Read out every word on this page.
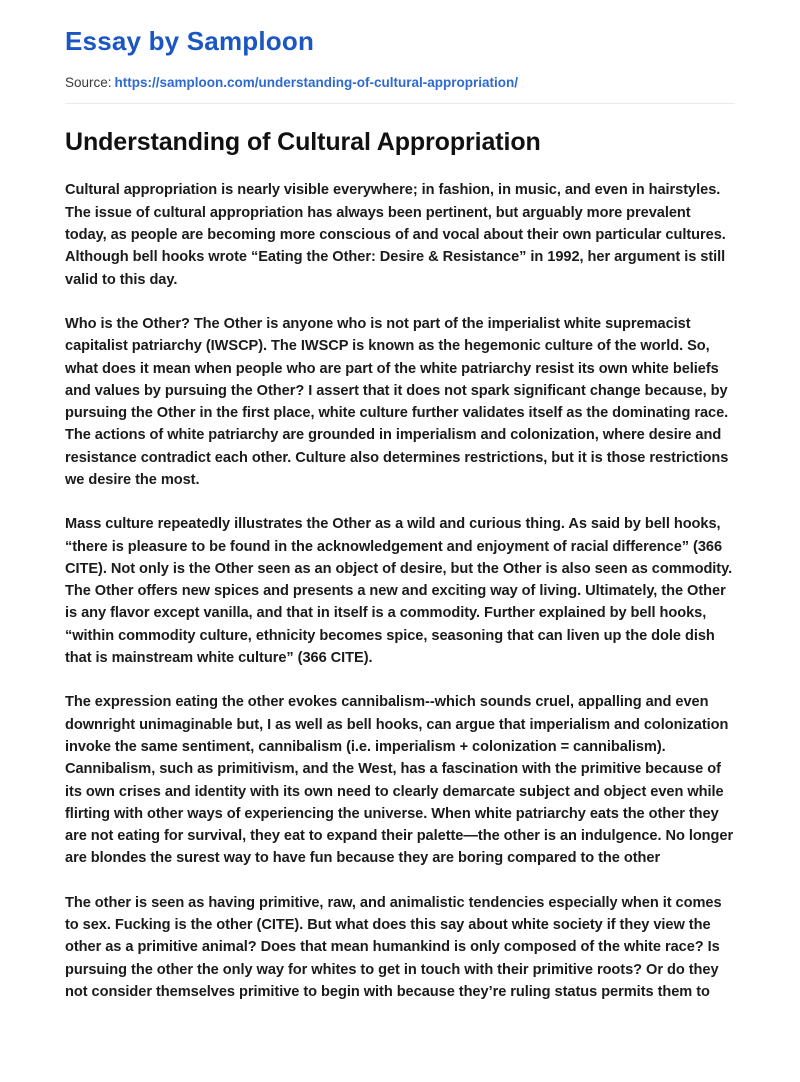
Essay by Samploon
Source: https://samploon.com/understanding-of-cultural-appropriation/
Understanding of Cultural Appropriation

Cultural appropriation is nearly visible everywhere; in fashion, in music, and even in hairstyles. The issue of cultural appropriation has always been pertinent, but arguably more prevalent today, as people are becoming more conscious of and vocal about their own particular cultures. Although bell hooks wrote “Eating the Other: Desire & Resistance” in 1992, her argument is still valid to this day.

Who is the Other? The Other is anyone who is not part of the imperialist white supremacist capitalist patriarchy (IWSCP). The IWSCP is known as the hegemonic culture of the world. So, what does it mean when people who are part of the white patriarchy resist its own white beliefs and values by pursuing the Other? I assert that it does not spark significant change because, by pursuing the Other in the first place, white culture further validates itself as the dominating race. The actions of white patriarchy are grounded in imperialism and colonization, where desire and resistance contradict each other. Culture also determines restrictions, but it is those restrictions we desire the most.

Mass culture repeatedly illustrates the Other as a wild and curious thing. As said by bell hooks, “there is pleasure to be found in the acknowledgement and enjoyment of racial difference” (366 CITE). Not only is the Other seen as an object of desire, but the Other is also seen as commodity. The Other offers new spices and presents a new and exciting way of living. Ultimately, the Other is any flavor except vanilla, and that in itself is a commodity. Further explained by bell hooks, “within commodity culture, ethnicity becomes spice, seasoning that can liven up the dole dish that is mainstream white culture” (366 CITE).

The expression eating the other evokes cannibalism--which sounds cruel, appalling and even downright unimaginable but, I as well as bell hooks, can argue that imperialism and colonization invoke the same sentiment, cannibalism (i.e. imperialism + colonization = cannibalism). Cannibalism, such as primitivism, and the West, has a fascination with the primitive because of its own crises and identity with its own need to clearly demarcate subject and object even while flirting with other ways of experiencing the universe. When white patriarchy eats the other they are not eating for survival, they eat to expand their palette—the other is an indulgence. No longer are blondes the surest way to have fun because they are boring compared to the other

The other is seen as having primitive, raw, and animalistic tendencies especially when it comes to sex. Fucking is the other (CITE). But what does this say about white society if they view the other as a primitive animal? Does that mean humankind is only composed of the white race? Is pursuing the other the only way for whites to get in touch with their primitive roots? Or do they not consider themselves primitive to begin with because they’re ruling status permits them to
